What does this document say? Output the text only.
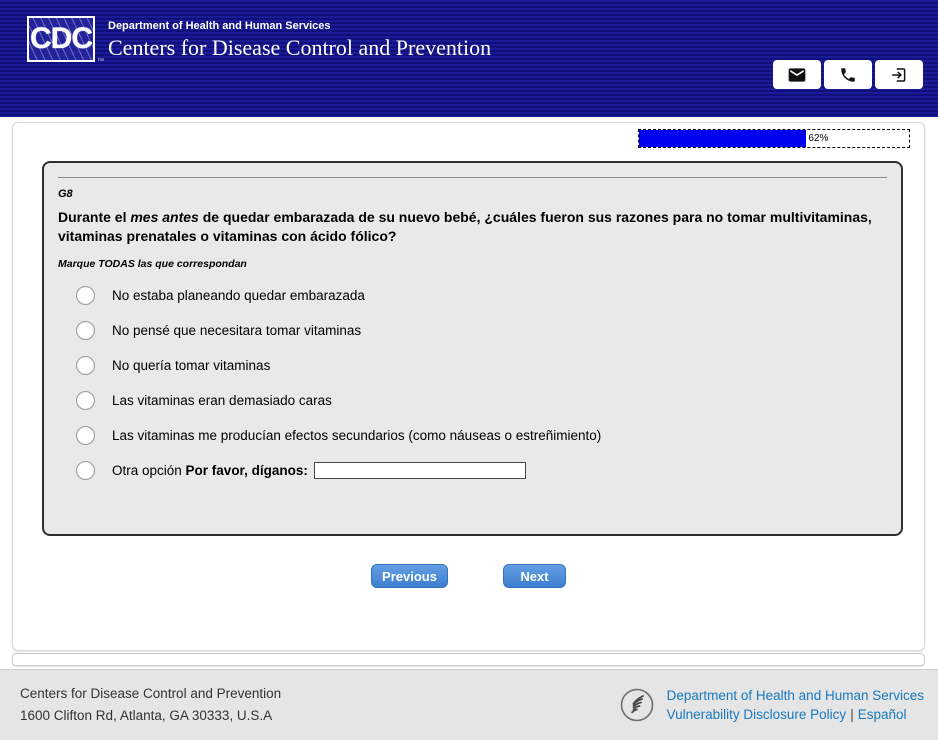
CDC
™
Department of Health and Human Services
Centers for Disease Control and Prevention
62%
G8
Durante el mes antes de quedar embarazada de su nuevo bebé, ¿cuáles fueron sus razones para no tomar multivitaminas, vitaminas prenatales o vitaminas con ácido fólico?
Marque TODAS las que correspondan
No estaba planeando quedar embarazada
No pensé que necesitara tomar vitaminas
No quería tomar vitaminas
Las vitaminas eran demasiado caras
Las vitaminas me producían efectos secundarios (como náuseas o estreñimiento)
Otra opción Por favor, díganos:
Previous	Next
Centers for Disease Control and Prevention
1600 Clifton Rd, Atlanta, GA 30333, U.S.A
Department of Health and Human Services
Vulnerability Disclosure Policy | Español
